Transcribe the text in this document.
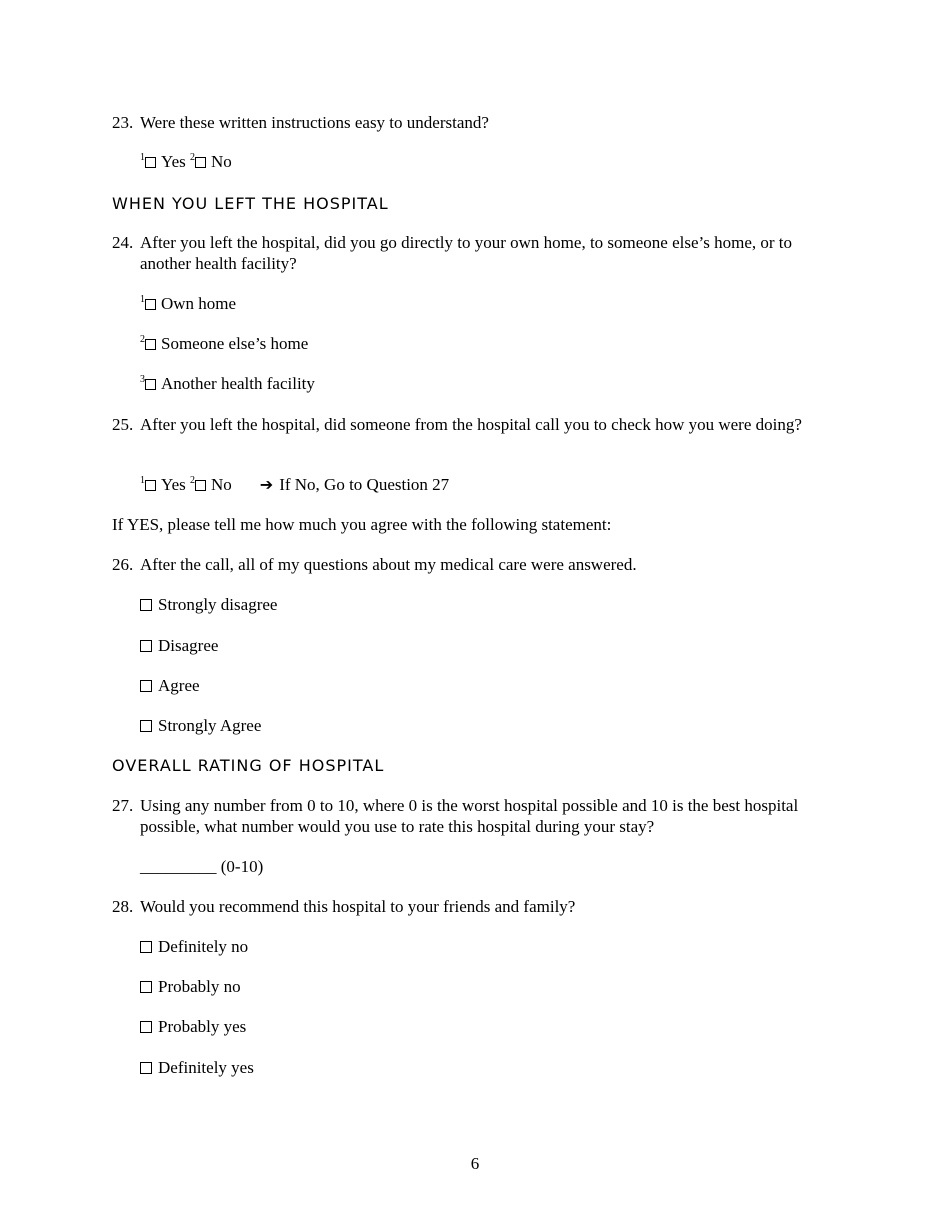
23. Were these written instructions easy to understand?
$^1$ Yes $^2$ No
WHEN YOU LEFT THE HOSPITAL
24. After you left the hospital, did you go directly to your own home, to someone else’s home, or to another health facility?
$^1$ Own home
$^2$ Someone else’s home
$^3$ Another health facility
25. After you left the hospital, did someone from the hospital call you to check how you were doing?
$^1$ Yes $^2$ No ➔ If No, Go to Question 27
If YES, please tell me how much you agree with the following statement:
26. After the call, all of my questions about my medical care were answered.
Strongly disagree
Disagree
Agree
Strongly Agree
OVERALL RATING OF HOSPITAL
27. Using any number from 0 to 10, where 0 is the worst hospital possible and 10 is the best hospital possible, what number would you use to rate this hospital during your stay?
_________ (0-10)
28. Would you recommend this hospital to your friends and family?
Definitely no
Probably no
Probably yes
Definitely yes
6
